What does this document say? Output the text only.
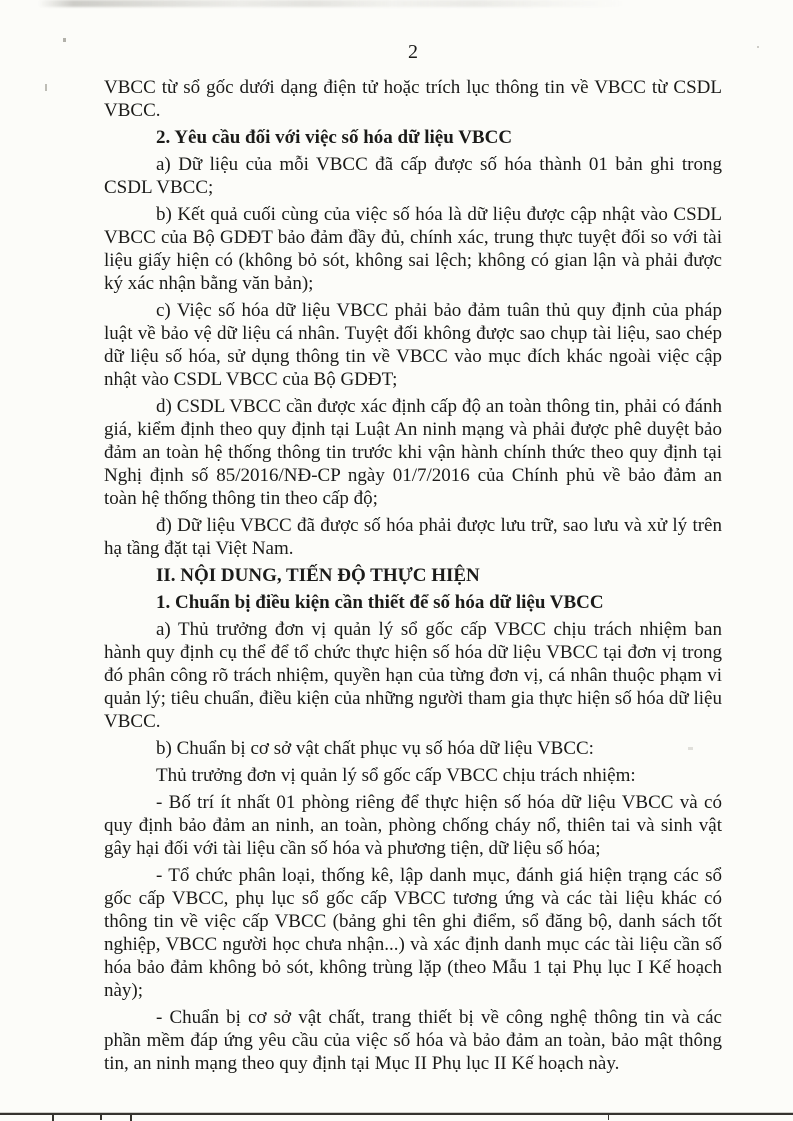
2

VBCC từ sổ gốc dưới dạng điện tử hoặc trích lục thông tin về VBCC từ CSDL VBCC.

2. Yêu cầu đối với việc số hóa dữ liệu VBCC

a) Dữ liệu của mỗi VBCC đã cấp được số hóa thành 01 bản ghi trong CSDL VBCC;

b) Kết quả cuối cùng của việc số hóa là dữ liệu được cập nhật vào CSDL VBCC của Bộ GDĐT bảo đảm đầy đủ, chính xác, trung thực tuyệt đối so với tài liệu giấy hiện có (không bỏ sót, không sai lệch; không có gian lận và phải được ký xác nhận bằng văn bản);

c) Việc số hóa dữ liệu VBCC phải bảo đảm tuân thủ quy định của pháp luật về bảo vệ dữ liệu cá nhân. Tuyệt đối không được sao chụp tài liệu, sao chép dữ liệu số hóa, sử dụng thông tin về VBCC vào mục đích khác ngoài việc cập nhật vào CSDL VBCC của Bộ GDĐT;

d) CSDL VBCC cần được xác định cấp độ an toàn thông tin, phải có đánh giá, kiểm định theo quy định tại Luật An ninh mạng và phải được phê duyệt bảo đảm an toàn hệ thống thông tin trước khi vận hành chính thức theo quy định tại Nghị định số 85/2016/NĐ-CP ngày 01/7/2016 của Chính phủ về bảo đảm an toàn hệ thống thông tin theo cấp độ;

đ) Dữ liệu VBCC đã được số hóa phải được lưu trữ, sao lưu và xử lý trên hạ tầng đặt tại Việt Nam.

II. NỘI DUNG, TIẾN ĐỘ THỰC HIỆN

1. Chuẩn bị điều kiện cần thiết để số hóa dữ liệu VBCC

a) Thủ trưởng đơn vị quản lý sổ gốc cấp VBCC chịu trách nhiệm ban hành quy định cụ thể để tổ chức thực hiện số hóa dữ liệu VBCC tại đơn vị trong đó phân công rõ trách nhiệm, quyền hạn của từng đơn vị, cá nhân thuộc phạm vi quản lý; tiêu chuẩn, điều kiện của những người tham gia thực hiện số hóa dữ liệu VBCC.

b) Chuẩn bị cơ sở vật chất phục vụ số hóa dữ liệu VBCC:

Thủ trưởng đơn vị quản lý sổ gốc cấp VBCC chịu trách nhiệm:

- Bố trí ít nhất 01 phòng riêng để thực hiện số hóa dữ liệu VBCC và có quy định bảo đảm an ninh, an toàn, phòng chống cháy nổ, thiên tai và sinh vật gây hại đối với tài liệu cần số hóa và phương tiện, dữ liệu số hóa;

- Tổ chức phân loại, thống kê, lập danh mục, đánh giá hiện trạng các sổ gốc cấp VBCC, phụ lục sổ gốc cấp VBCC tương ứng và các tài liệu khác có thông tin về việc cấp VBCC (bảng ghi tên ghi điểm, sổ đăng bộ, danh sách tốt nghiệp, VBCC người học chưa nhận...) và xác định danh mục các tài liệu cần số hóa bảo đảm không bỏ sót, không trùng lặp (theo Mẫu 1 tại Phụ lục I Kế hoạch này);

- Chuẩn bị cơ sở vật chất, trang thiết bị về công nghệ thông tin và các phần mềm đáp ứng yêu cầu của việc số hóa và bảo đảm an toàn, bảo mật thông tin, an ninh mạng theo quy định tại Mục II Phụ lục II Kế hoạch này.
